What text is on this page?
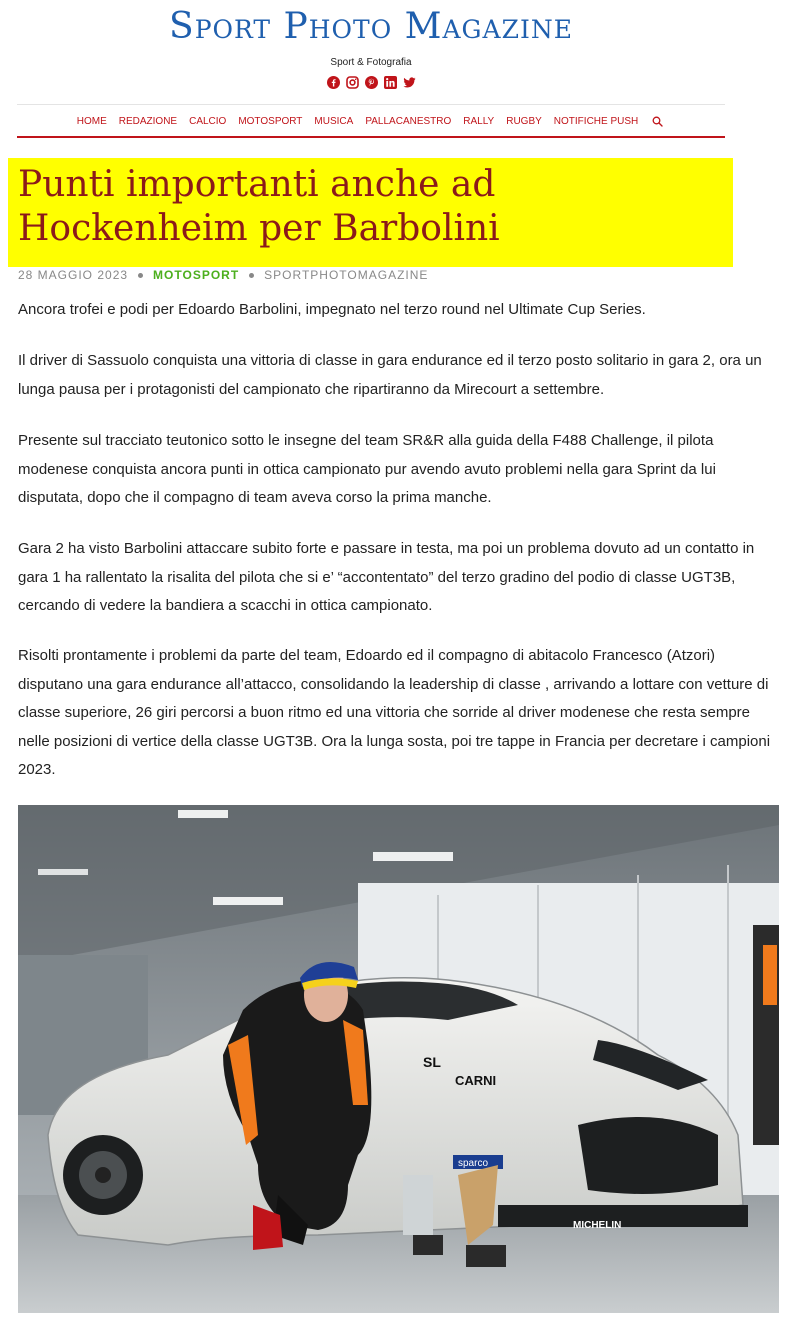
Sport Photo Magazine
Sport & Fotografia
HOME	REDAZIONE	CALCIO	MOTOSPORT	MUSICA	PALLACANESTRO	RALLY	RUGBY	NOTIFICHE PUSH
Punti importanti anche ad Hockenheim per Barbolini
28 MAGGIO 2023 MOTOSPORT SPORTPHOTOMAGAZINE

Ancora trofei e podi per Edoardo Barbolini, impegnato nel terzo round nel Ultimate Cup Series.

Il driver di Sassuolo conquista una vittoria di classe in gara endurance ed il terzo posto solitario in gara 2, ora un lunga pausa per i protagonisti del campionato che ripartiranno da Mirecourt a settembre.

Presente sul tracciato teutonico sotto le insegne del team SR&R alla guida della F488 Challenge, il pilota modenese conquista ancora punti in ottica campionato pur avendo avuto problemi nella gara Sprint da lui disputata, dopo che il compagno di team aveva corso la prima manche.

Gara 2 ha visto Barbolini attaccare subito forte e passare in testa, ma poi un problema dovuto ad un contatto in gara 1 ha rallentato la risalita del pilota che si e’ “accontentato” del terzo gradino del podio di classe UGT3B, cercando di vedere la bandiera a scacchi in ottica campionato.

Risolti prontamente i problemi da parte del team, Edoardo ed il compagno di abitacolo Francesco (Atzori) disputano una gara endurance all’attacco, consolidando la leadership di classe , arrivando a lottare con vetture di classe superiore, 26 giri percorsi a buon ritmo ed una vittoria che sorride al driver modenese che resta sempre nelle posizioni di vertice della classe UGT3B. Ora la lunga sosta, poi tre tappe in Francia per decretare i campioni 2023.

SL
CARNI
MICHELIN
sparco
